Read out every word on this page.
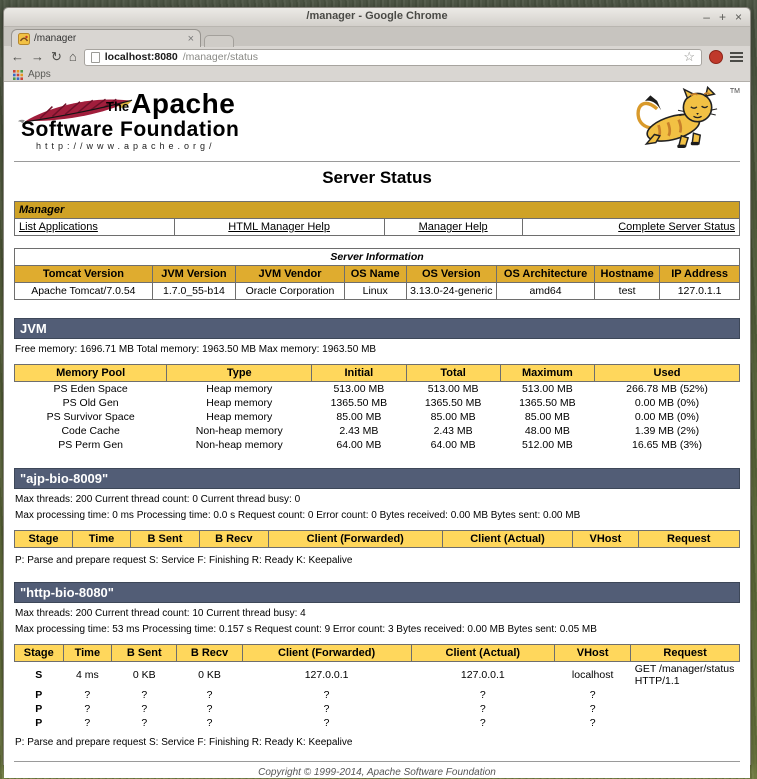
/manager - Google Chrome	– + ×
/manager	×
← → ↻ ⌂	localhost:8080 /manager/status	☆
Apps
TheApache
Software Foundation
http://www.apache.org/
TM
Server Status
Manager
List Applications	HTML Manager Help	Manager Help	Complete Server Status
Server Information							
Tomcat Version	JVM Version	JVM Vendor	OS Name	OS Version	OS Architecture	Hostname	IP Address
Apache Tomcat/7.0.54	1.7.0_55-b14	Oracle Corporation	Linux	3.13.0-24-generic	amd64	test	127.0.1.1
JVM
Free memory: 1696.71 MB Total memory: 1963.50 MB Max memory: 1963.50 MB
Memory Pool	Type	Initial	Total	Maximum	Used
PS Eden Space	Heap memory	513.00 MB	513.00 MB	513.00 MB	266.78 MB (52%)
PS Old Gen	Heap memory	1365.50 MB	1365.50 MB	1365.50 MB	0.00 MB (0%)
PS Survivor Space	Heap memory	85.00 MB	85.00 MB	85.00 MB	0.00 MB (0%)
Code Cache	Non-heap memory	2.43 MB	2.43 MB	48.00 MB	1.39 MB (2%)
PS Perm Gen	Non-heap memory	64.00 MB	64.00 MB	512.00 MB	16.65 MB (3%)
"ajp-bio-8009"
Max threads: 200 Current thread count: 0 Current thread busy: 0
Max processing time: 0 ms Processing time: 0.0 s Request count: 0 Error count: 0 Bytes received: 0.00 MB Bytes sent: 0.00 MB
Stage	Time	B Sent	B Recv	Client (Forwarded)	Client (Actual)	VHost	Request
P: Parse and prepare request S: Service F: Finishing R: Ready K: Keepalive
"http-bio-8080"
Max threads: 200 Current thread count: 10 Current thread busy: 4
Max processing time: 53 ms Processing time: 0.157 s Request count: 9 Error count: 3 Bytes received: 0.00 MB Bytes sent: 0.05 MB
Stage	Time	B Sent	B Recv	Client (Forwarded)	Client (Actual)	VHost	Request
S	4 ms	0 KB	0 KB	127.0.0.1	127.0.0.1	localhost	GET /manager/status HTTP/1.1
P	?	?	?	?	?	?	
P	?	?	?	?	?	?	
P	?	?	?	?	?	?	
P: Parse and prepare request S: Service F: Finishing R: Ready K: Keepalive
Copyright © 1999-2014, Apache Software Foundation
